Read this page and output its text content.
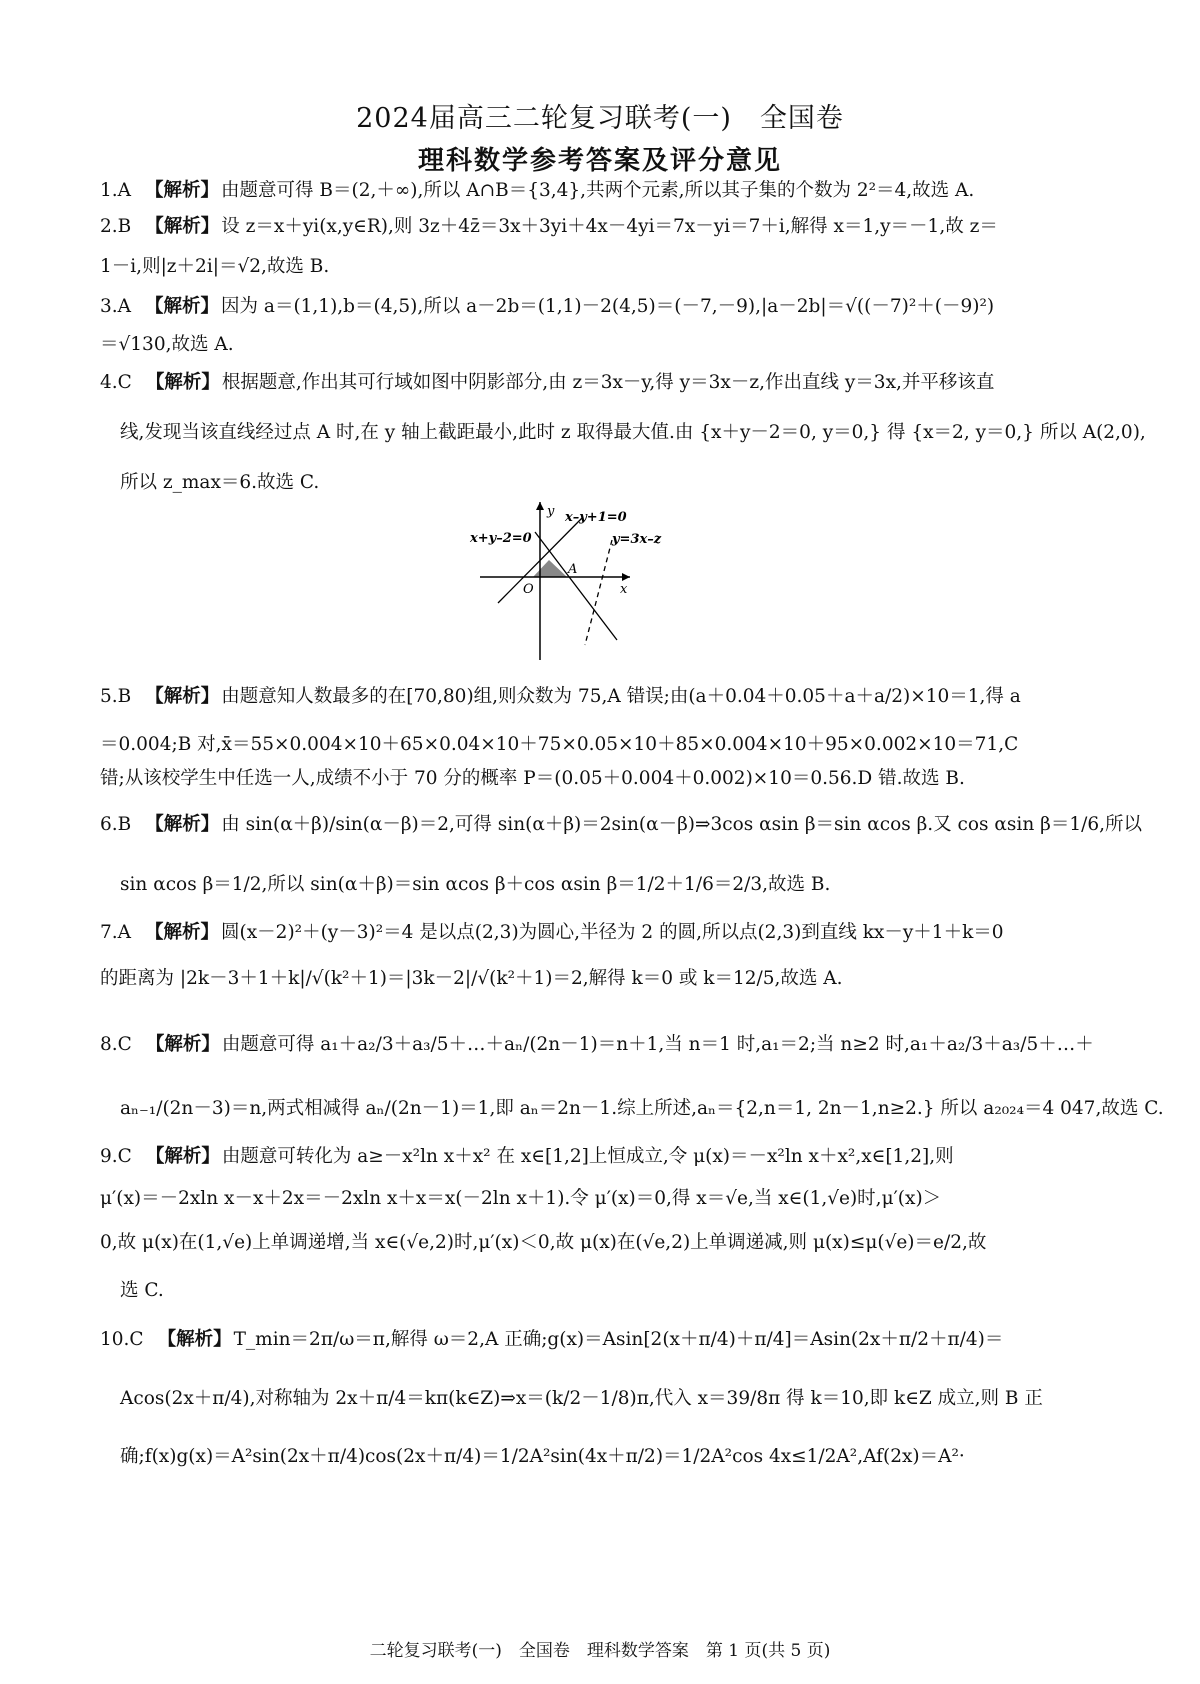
2024届高三二轮复习联考(一)　全国卷
理科数学参考答案及评分意见
1.A 【解析】 由题意可得 B＝(2,＋∞),所以 A∩B＝{3,4},共两个元素,所以其子集的个数为 2²＝4,故选 A.
2.B 【解析】 设 z＝x＋yi(x,y∈R),则 3z＋4z̄＝3x＋3yi＋4x－4yi＝7x－yi＝7＋i,解得 x＝1,y＝－1,故 z＝
1－i,则|z＋2i|＝√2,故选 B.
3.A 【解析】 因为 a＝(1,1),b＝(4,5),所以 a－2b＝(1,1)－2(4,5)＝(－7,－9),|a－2b|＝√((－7)²＋(－9)²)
＝√130,故选 A.
4.C 【解析】 根据题意,作出其可行域如图中阴影部分,由 z＝3x－y,得 y＝3x－z,作出直线 y＝3x,并平移该直
线,发现当该直线经过点 A 时,在 y 轴上截距最小,此时 z 取得最大值.由 {x＋y－2＝0, y＝0,} 得 {x＝2, y＝0,} 所以 A(2,0),
所以 z_max＝6.故选 C.
y
x
O
A
x–y+1=0
x+y–2=0	y=3x–z
5.B 【解析】 由题意知人数最多的在[70,80)组,则众数为 75,A 错误;由(a＋0.04＋0.05＋a＋a/2)×10＝1,得 a
＝0.004;B 对,x̄＝55×0.004×10＋65×0.04×10＋75×0.05×10＋85×0.004×10＋95×0.002×10＝71,C
错;从该校学生中任选一人,成绩不小于 70 分的概率 P＝(0.05＋0.004＋0.002)×10＝0.56.D 错.故选 B.
6.B 【解析】 由 sin(α＋β)/sin(α－β)＝2,可得 sin(α＋β)＝2sin(α－β)⇒3cos αsin β＝sin αcos β.又 cos αsin β＝1/6,所以
sin αcos β＝1/2,所以 sin(α＋β)＝sin αcos β＋cos αsin β＝1/2＋1/6＝2/3,故选 B.
7.A 【解析】 圆(x－2)²＋(y－3)²＝4 是以点(2,3)为圆心,半径为 2 的圆,所以点(2,3)到直线 kx－y＋1＋k＝0
的距离为 |2k－3＋1＋k|/√(k²＋1)＝|3k－2|/√(k²＋1)＝2,解得 k＝0 或 k＝12/5,故选 A.
8.C 【解析】 由题意可得 a₁＋a₂/3＋a₃/5＋…＋aₙ/(2n－1)＝n＋1,当 n＝1 时,a₁＝2;当 n≥2 时,a₁＋a₂/3＋a₃/5＋…＋
aₙ₋₁/(2n－3)＝n,两式相减得 aₙ/(2n－1)＝1,即 aₙ＝2n－1.综上所述,aₙ＝{2,n＝1, 2n－1,n≥2.} 所以 a₂₀₂₄＝4 047,故选 C.
9.C 【解析】 由题意可转化为 a≥－x²ln x＋x² 在 x∈[1,2]上恒成立,令 μ(x)＝－x²ln x＋x²,x∈[1,2],则
μ′(x)＝－2xln x－x＋2x＝－2xln x＋x＝x(－2ln x＋1).令 μ′(x)＝0,得 x＝√e,当 x∈(1,√e)时,μ′(x)＞
0,故 μ(x)在(1,√e)上单调递增,当 x∈(√e,2)时,μ′(x)＜0,故 μ(x)在(√e,2)上单调递减,则 μ(x)≤μ(√e)＝e/2,故
选 C.
10.C 【解析】 T_min＝2π/ω＝π,解得 ω＝2,A 正确;g(x)＝Asin[2(x＋π/4)＋π/4]＝Asin(2x＋π/2＋π/4)＝
Acos(2x＋π/4),对称轴为 2x＋π/4＝kπ(k∈Z)⇒x＝(k/2－1/8)π,代入 x＝39/8π 得 k＝10,即 k∈Z 成立,则 B 正
确;f(x)g(x)＝A²sin(2x＋π/4)cos(2x＋π/4)＝1/2A²sin(4x＋π/2)＝1/2A²cos 4x≤1/2A²,Af(2x)＝A²·
二轮复习联考(一)　全国卷　理科数学答案　第 1 页(共 5 页)
